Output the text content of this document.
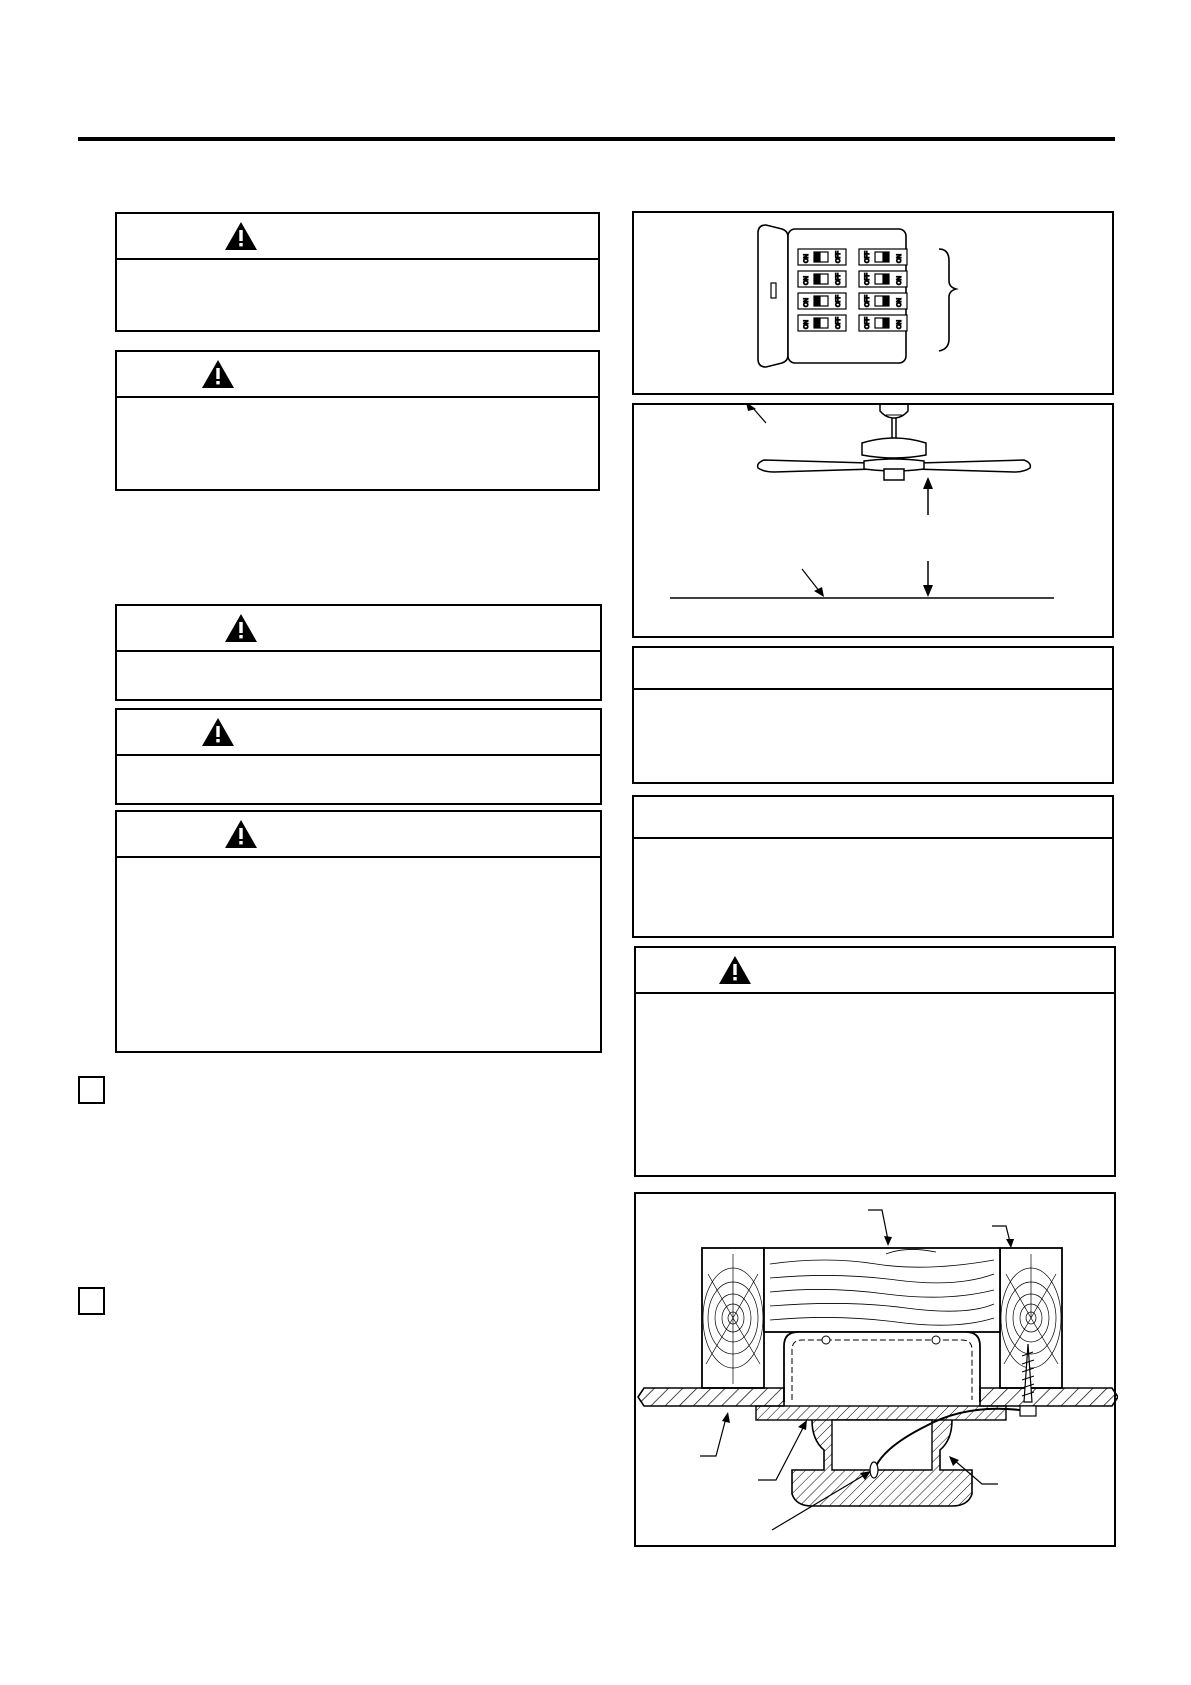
ON	OFF
ON	OFF
ON	OFF
ON	OFF
OFF	ON
OFF	ON
OFF	ON
OFF	ON
